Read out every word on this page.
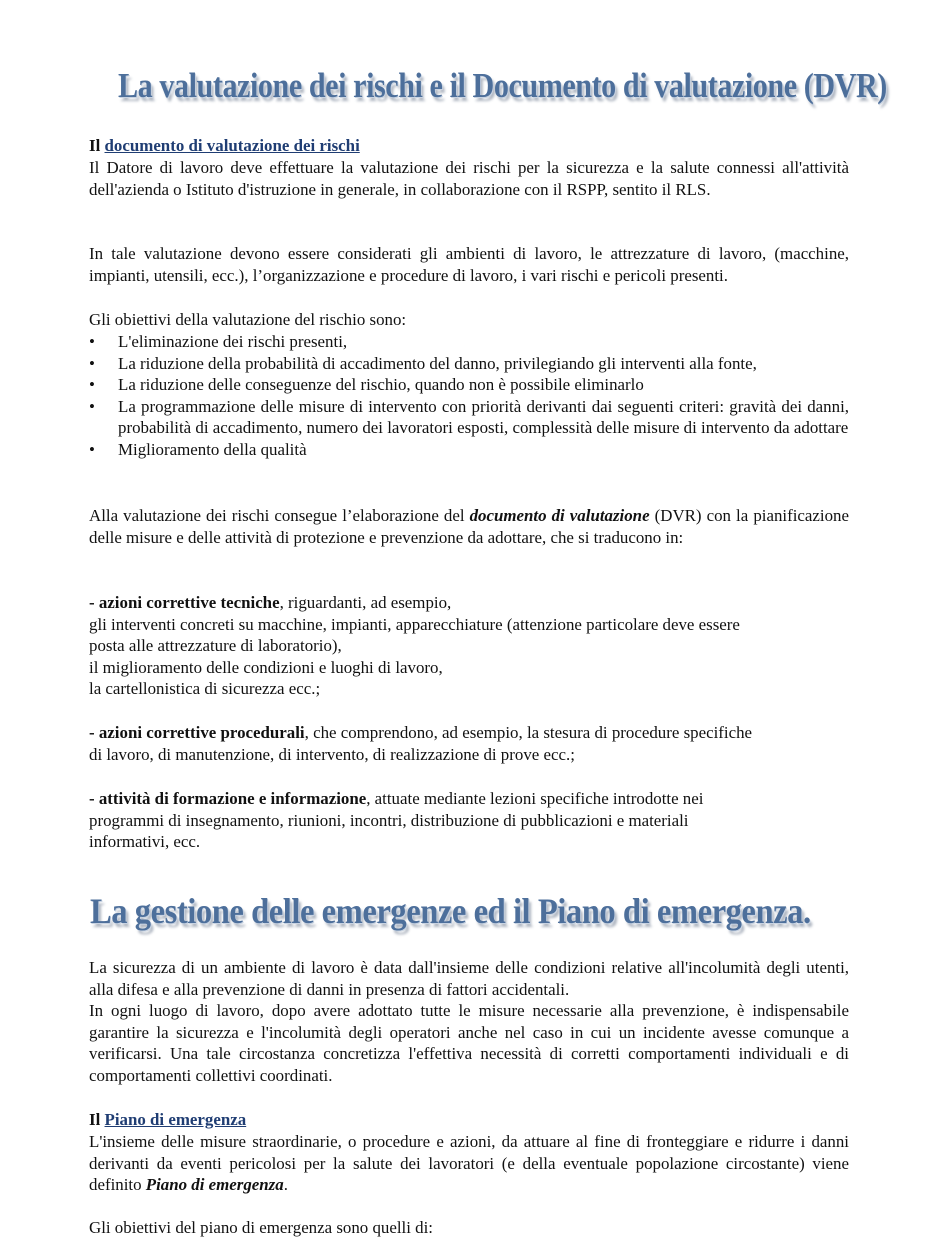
La valutazione dei rischi e il Documento di valutazione (DVR)
Il documento di valutazione dei rischi
Il Datore di lavoro deve effettuare la valutazione dei rischi per la sicurezza e la salute connessi all'attività dell'azienda o Istituto d'istruzione in generale, in collaborazione con il RSPP, sentito il RLS.
In tale valutazione devono essere considerati gli ambienti di lavoro, le attrezzature di lavoro, (macchine, impianti, utensili, ecc.), l’organizzazione e procedure di lavoro, i vari rischi e pericoli presenti.
Gli obiettivi della valutazione del rischio sono:
• L'eliminazione dei rischi presenti,
• La riduzione della probabilità di accadimento del danno, privilegiando gli interventi alla fonte,
• La riduzione delle conseguenze del rischio, quando non è possibile eliminarlo
• La programmazione delle misure di intervento con priorità derivanti dai seguenti criteri: gravità dei danni, probabilità di accadimento, numero dei lavoratori esposti, complessità delle misure di intervento da adottare
• Miglioramento della qualità
Alla valutazione dei rischi consegue l’elaborazione del documento di valutazione (DVR) con la pianificazione delle misure e delle attività di protezione e prevenzione da adottare, che si traducono in:
- azioni correttive tecniche, riguardanti, ad esempio,
gli interventi concreti su macchine, impianti, apparecchiature (attenzione particolare deve essere
posta alle attrezzature di laboratorio),
il miglioramento delle condizioni e luoghi di lavoro,
la cartellonistica di sicurezza ecc.;
- azioni correttive procedurali, che comprendono, ad esempio, la stesura di procedure specifiche
di lavoro, di manutenzione, di intervento, di realizzazione di prove ecc.;
- attività di formazione e informazione, attuate mediante lezioni specifiche introdotte nei
programmi di insegnamento, riunioni, incontri, distribuzione di pubblicazioni e materiali
informativi, ecc.
La gestione delle emergenze ed il Piano di emergenza.
La sicurezza di un ambiente di lavoro è data dall'insieme delle condizioni relative all'incolumità degli utenti, alla difesa e alla prevenzione di danni in presenza di fattori accidentali.
In ogni luogo di lavoro, dopo avere adottato tutte le misure necessarie alla prevenzione, è indispensabile garantire la sicurezza e l'incolumità degli operatori anche nel caso in cui un incidente avesse comunque a verificarsi. Una tale circostanza concretizza l'effettiva necessità di corretti comportamenti individuali e di comportamenti collettivi coordinati.
Il Piano di emergenza
L'insieme delle misure straordinarie, o procedure e azioni, da attuare al fine di fronteggiare e ridurre i danni derivanti da eventi pericolosi per la salute dei lavoratori (e della eventuale popolazione circostante) viene definito Piano di emergenza.
Gli obiettivi del piano di emergenza sono quelli di:
